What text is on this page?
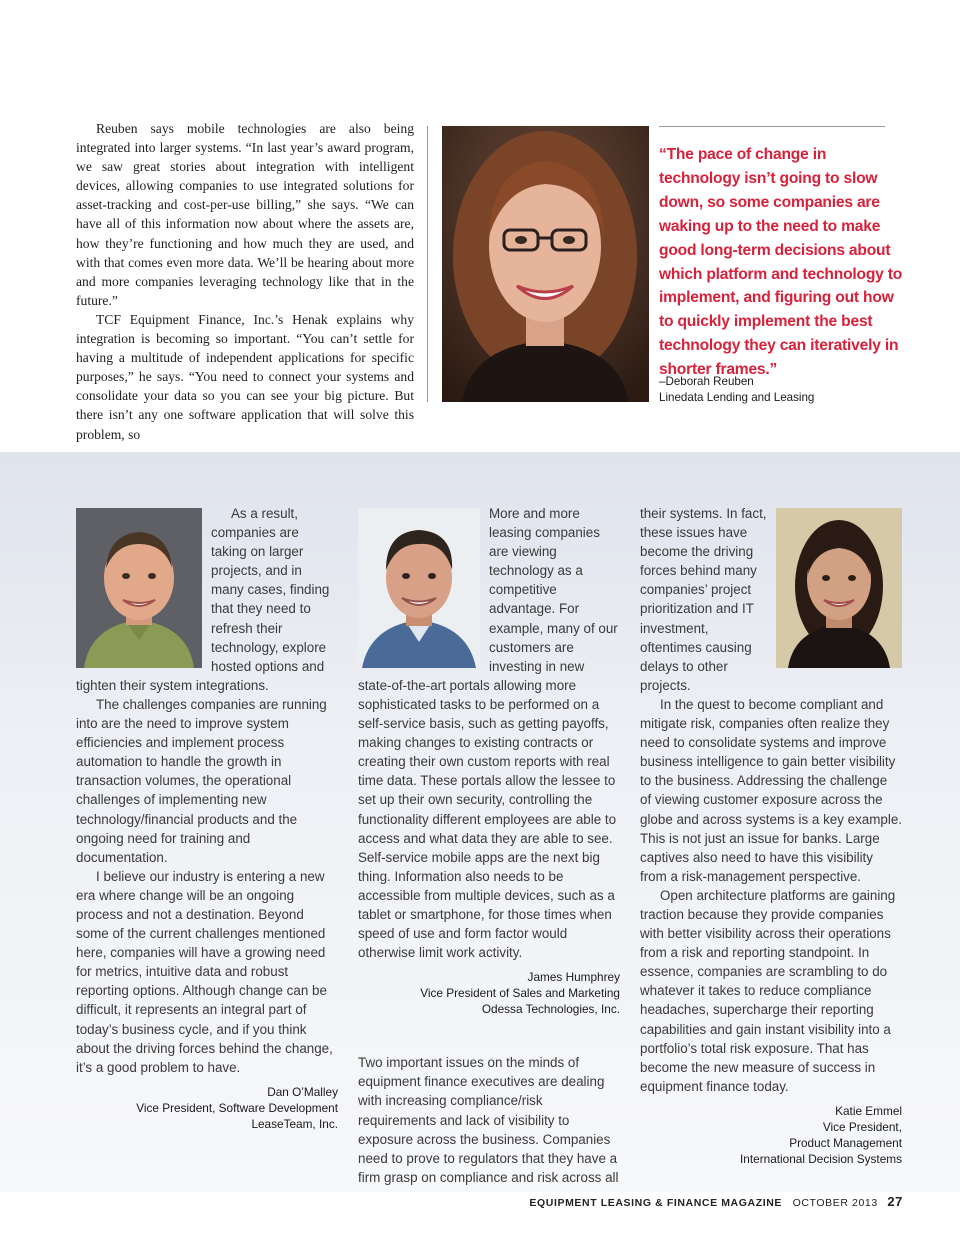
Reuben says mobile technologies are also being integrated into larger systems. “In last year’s award program, we saw great stories about integration with intelligent devices, allowing companies to use integrated solutions for asset-tracking and cost-per-use billing,” she says. “We can have all of this information now about where the assets are, how they’re functioning and how much they are used, and with that comes even more data. We’ll be hearing about more and more companies leveraging technology like that in the future.”

TCF Equipment Finance, Inc.’s Henak explains why integration is becoming so important. “You can’t settle for having a multitude of independent applications for specific purposes,” he says. “You need to connect your systems and consolidate your data so you can see your big picture. But there isn’t any one software application that will solve this problem, so

“The pace of change in technology isn’t going to slow down, so some companies are waking up to the need to make good long-term decisions about which platform and technology to implement, and figuring out how to quickly implement the best technology they can iteratively in shorter frames.”
–Deborah Reuben
Linedata Lending and Leasing

As a result, companies are taking on larger projects, and in many cases, finding that they need to refresh their technology, explore hosted options and tighten their system integrations.

The challenges companies are running into are the need to improve system efficiencies and implement process automation to handle the growth in transaction volumes, the operational challenges of implementing new technology/financial products and the ongoing need for training and documentation.

I believe our industry is entering a new era where change will be an ongoing process and not a destination. Beyond some of the current challenges mentioned here, companies will have a growing need for metrics, intuitive data and robust reporting options. Although change can be difficult, it represents an integral part of today’s business cycle, and if you think about the driving forces behind the change, it’s a good problem to have.

Dan O’Malley
Vice President, Software Development
LeaseTeam, Inc.

More and more leasing companies are viewing technology as a competitive advantage. For example, many of our customers are investing in new state-of-the-art portals allowing more sophisticated tasks to be performed on a self-service basis, such as getting payoffs, making changes to existing contracts or creating their own custom reports with real time data. These portals allow the lessee to set up their own security, controlling the functionality different employees are able to access and what data they are able to see. Self-service mobile apps are the next big thing. Information also needs to be accessible from multiple devices, such as a tablet or smartphone, for those times when speed of use and form factor would otherwise limit work activity.

James Humphrey
Vice President of Sales and Marketing
Odessa Technologies, Inc.

Two important issues on the minds of equipment finance executives are dealing with increasing compliance/risk requirements and lack of visibility to exposure across the business. Companies need to prove to regulators that they have a firm grasp on compliance and risk across all

their systems. In fact, these issues have become the driving forces behind many companies’ project prioritization and IT investment, oftentimes causing delays to other projects.

In the quest to become compliant and mitigate risk, companies often realize they need to consolidate systems and improve business intelligence to gain better visibility to the business. Addressing the challenge of viewing customer exposure across the globe and across systems is a key example. This is not just an issue for banks. Large captives also need to have this visibility from a risk-management perspective.

Open architecture platforms are gaining traction because they provide companies with better visibility across their operations from a risk and reporting standpoint. In essence, companies are scrambling to do whatever it takes to reduce compliance headaches, supercharge their reporting capabilities and gain instant visibility into a portfolio’s total risk exposure. That has become the new measure of success in equipment finance today.

Katie Emmel
Vice President,
Product Management
International Decision Systems
EQUIPMENT LEASING & FINANCE MAGAZINE OCTOBER 2013 27
